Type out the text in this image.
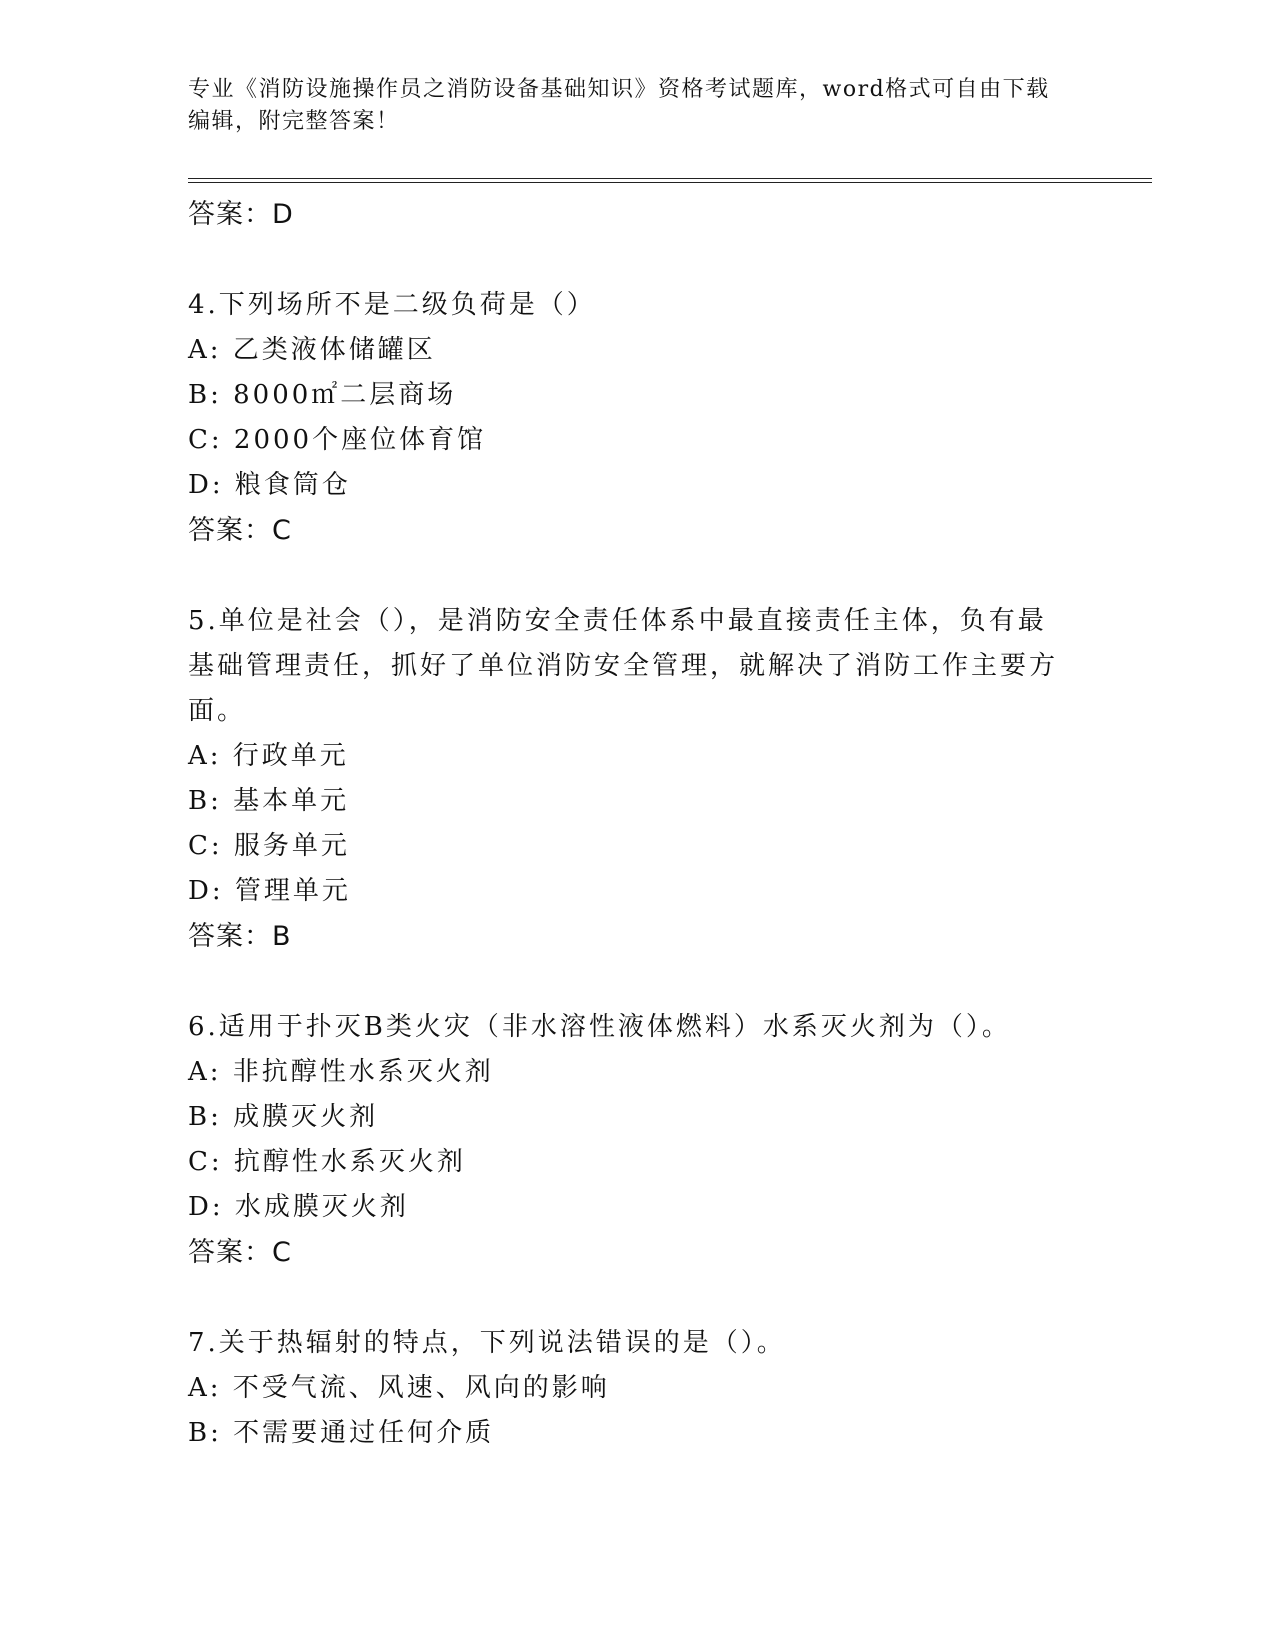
专业《消防设施操作员之消防设备基础知识》资格考试题库，word格式可自由下载编辑，附完整答案！
答案：D
4.下列场所不是二级负荷是（）
A: 乙类液体储罐区
B: 8000㎡二层商场
C: 2000个座位体育馆
D: 粮食筒仓
答案：C
5.单位是社会（），是消防安全责任体系中最直接责任主体，负有最
基础管理责任，抓好了单位消防安全管理，就解决了消防工作主要方
面。
A: 行政单元
B: 基本单元
C: 服务单元
D: 管理单元
答案：B
6.适用于扑灭B类火灾（非水溶性液体燃料）水系灭火剂为（）。
A: 非抗醇性水系灭火剂
B: 成膜灭火剂
C: 抗醇性水系灭火剂
D: 水成膜灭火剂
答案：C
7.关于热辐射的特点，下列说法错误的是（）。
A: 不受气流、风速、风向的影响
B: 不需要通过任何介质
